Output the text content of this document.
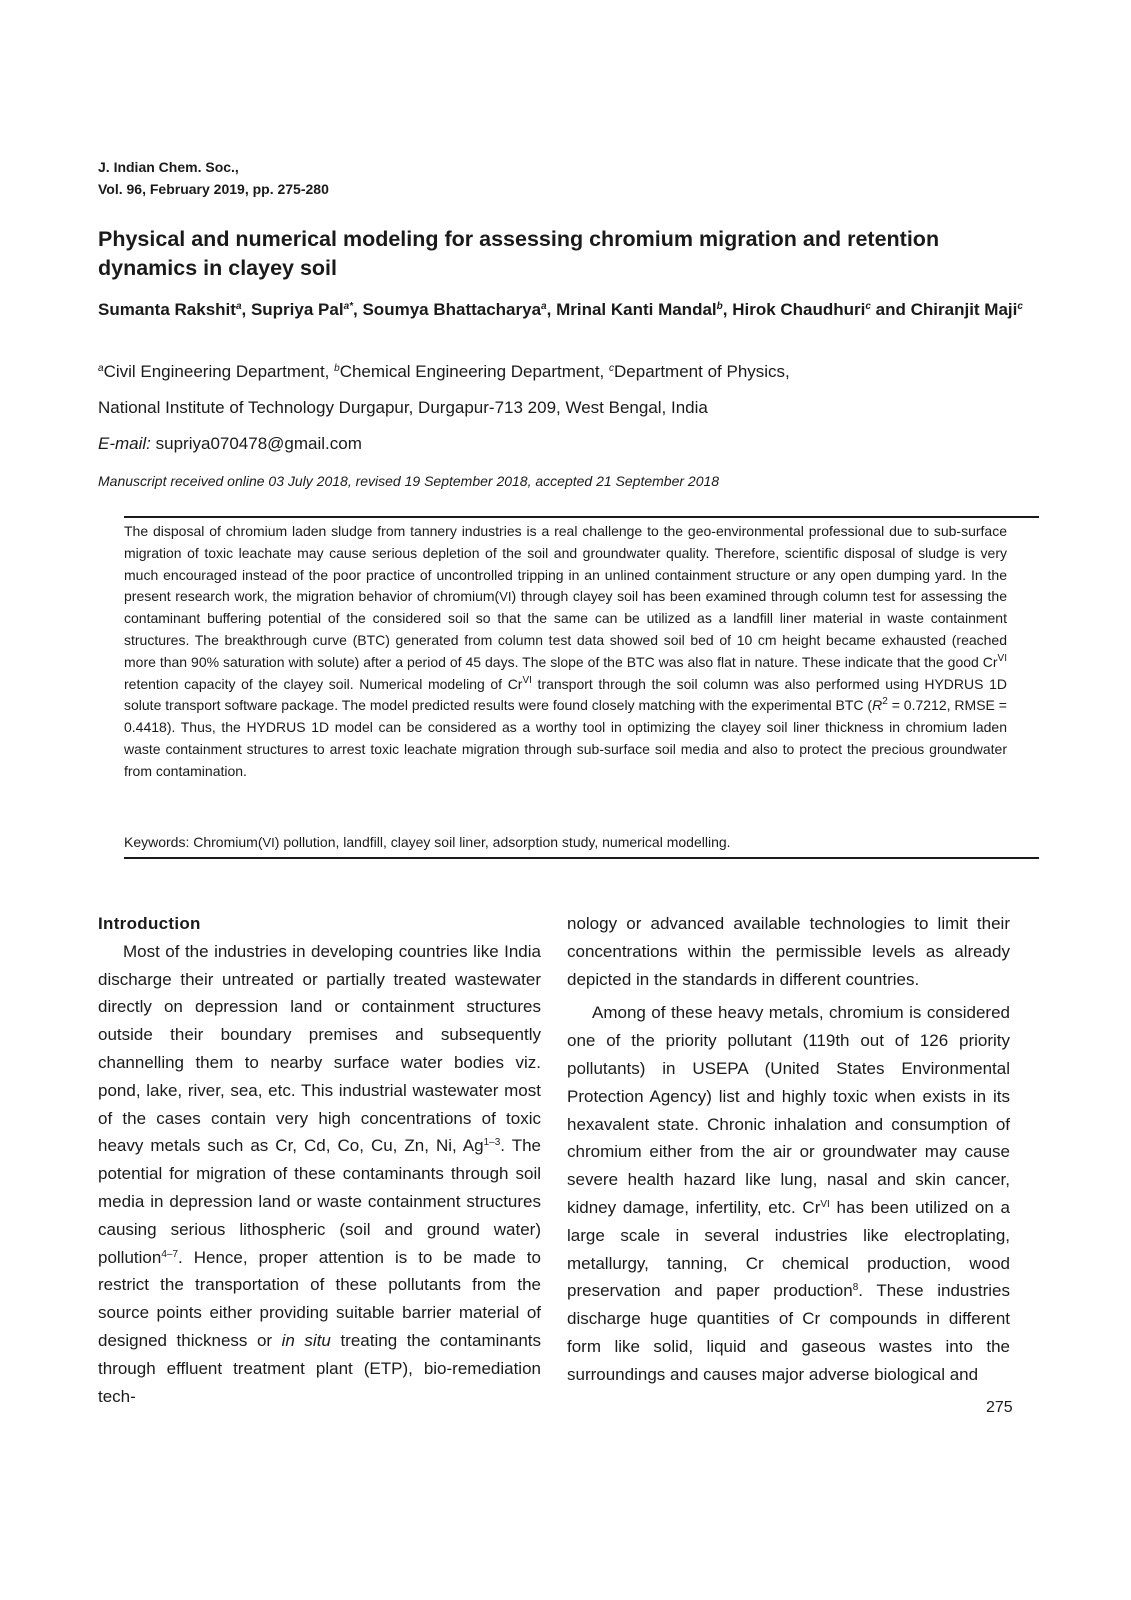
J. Indian Chem. Soc.,
Vol. 96, February 2019, pp. 275-280
Physical and numerical modeling for assessing chromium migration and retention dynamics in clayey soil
Sumanta Rakshit$^a$, Supriya Pal$^{a*}$, Soumya Bhattacharya$^a$, Mrinal Kanti Mandal$^b$, Hirok Chaudhuri$^c$ and Chiranjit Maji$^c$
$^a$Civil Engineering Department, $^b$Chemical Engineering Department, $^c$Department of Physics,
National Institute of Technology Durgapur, Durgapur-713 209, West Bengal, India
E-mail: supriya070478@gmail.com
Manuscript received online 03 July 2018, revised 19 September 2018, accepted 21 September 2018
The disposal of chromium laden sludge from tannery industries is a real challenge to the geo-environmental professional due to sub-surface migration of toxic leachate may cause serious depletion of the soil and groundwater quality. Therefore, scientific disposal of sludge is very much encouraged instead of the poor practice of uncontrolled tripping in an unlined containment structure or any open dumping yard. In the present research work, the migration behavior of chromium(VI) through clayey soil has been examined through column test for assessing the contaminant buffering potential of the considered soil so that the same can be utilized as a landfill liner material in waste containment structures. The breakthrough curve (BTC) generated from column test data showed soil bed of 10 cm height became exhausted (reached more than 90% saturation with solute) after a period of 45 days. The slope of the BTC was also flat in nature. These indicate that the good $Cr^{VI}$ retention capacity of the clayey soil. Numerical modeling of $Cr^{VI}$ transport through the soil column was also performed using HYDRUS 1D solute transport software package. The model predicted results were found closely matching with the experimental BTC ($R^2 = 0.7212$, RMSE = 0.4418). Thus, the HYDRUS 1D model can be considered as a worthy tool in optimizing the clayey soil liner thickness in chromium laden waste containment structures to arrest toxic leachate migration through sub-surface soil media and also to protect the precious groundwater from contamination.
Keywords: Chromium(VI) pollution, landfill, clayey soil liner, adsorption study, numerical modelling.

Introduction

Most of the industries in developing countries like India discharge their untreated or partially treated wastewater directly on depression land or containment structures outside their boundary premises and subsequently channelling them to nearby surface water bodies viz. pond, lake, river, sea, etc. This industrial wastewater most of the cases contain very high concentrations of toxic heavy metals such as Cr, Cd, Co, Cu, Zn, Ni, Ag$^{1-3}$. The potential for migration of these contaminants through soil media in depression land or waste containment structures causing serious lithospheric (soil and ground water) pollution$^{4-7}$. Hence, proper attention is to be made to restrict the transportation of these pollutants from the source points either providing suitable barrier material of designed thickness or in situ treating the contaminants through effluent treatment plant (ETP), bio-remediation tech-

nology or advanced available technologies to limit their concentrations within the permissible levels as already depicted in the standards in different countries.

Among of these heavy metals, chromium is considered one of the priority pollutant (119th out of 126 priority pollutants) in USEPA (United States Environmental Protection Agency) list and highly toxic when exists in its hexavalent state. Chronic inhalation and consumption of chromium either from the air or groundwater may cause severe health hazard like lung, nasal and skin cancer, kidney damage, infertility, etc. $Cr^{VI}$ has been utilized on a large scale in several industries like electroplating, metallurgy, tanning, Cr chemical production, wood preservation and paper production$^8$. These industries discharge huge quantities of Cr compounds in different form like solid, liquid and gaseous wastes into the surroundings and causes major adverse biological and

275
